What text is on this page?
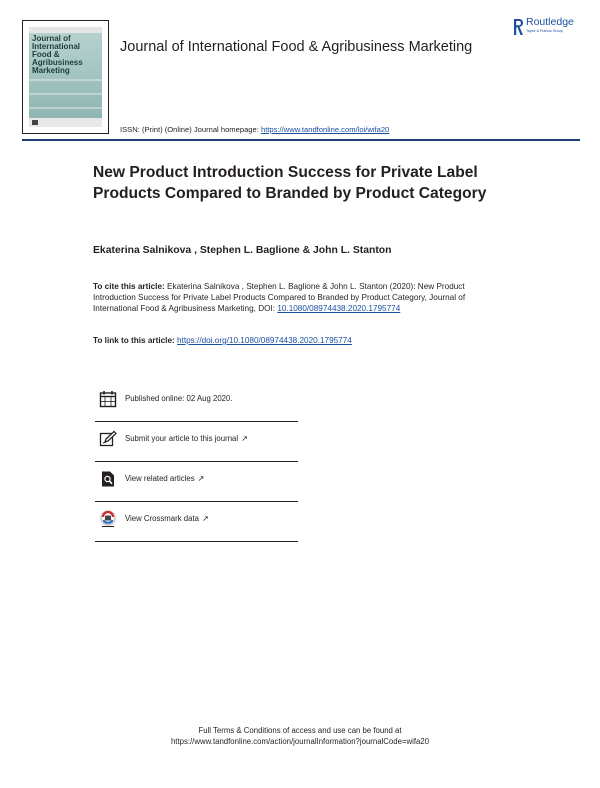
Journal of
International
Food & Agribusiness
Marketing
Journal of International Food & Agribusiness Marketing
ISSN: (Print) (Online) Journal homepage: https://www.tandfonline.com/loi/wifa20
Routledge
Taylor & Francis Group
New Product Introduction Success for Private Label Products Compared to Branded by Product Category
Ekaterina Salnikova , Stephen L. Baglione & John L. Stanton
To cite this article: Ekaterina Salnikova , Stephen L. Baglione & John L. Stanton (2020): New Product Introduction Success for Private Label Products Compared to Branded by Product Category, Journal of International Food & Agribusiness Marketing, DOI: 10.1080/08974438.2020.1795774
To link to this article: https://doi.org/10.1080/08974438.2020.1795774
Published online: 02 Aug 2020.
Submit your article to this journal ↗
View related articles ↗
View Crossmark data ↗
Full Terms & Conditions of access and use can be found at
https://www.tandfonline.com/action/journalInformation?journalCode=wifa20
